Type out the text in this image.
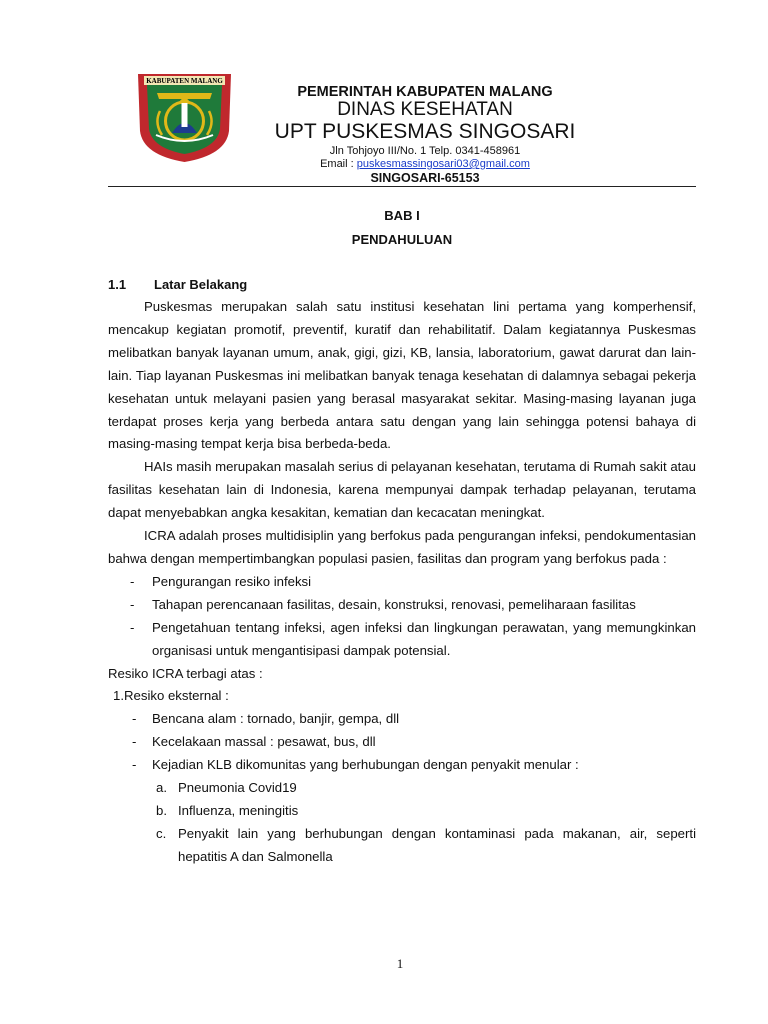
KABUPATEN MALANG
PEMERINTAH KABUPATEN MALANG
DINAS KESEHATAN
UPT PUSKESMAS SINGOSARI
Jln Tohjoyo III/No. 1 Telp. 0341-458961
Email : puskesmassingosari03@gmail.com
SINGOSARI-65153
BAB I
PENDAHULUAN
1.1 Latar Belakang

Puskesmas merupakan salah satu institusi kesehatan lini pertama yang komperhensif, mencakup kegiatan promotif, preventif, kuratif dan rehabilitatif. Dalam kegiatannya Puskesmas melibatkan banyak layanan umum, anak, gigi, gizi, KB, lansia, laboratorium, gawat darurat dan lain-lain. Tiap layanan Puskesmas ini melibatkan banyak tenaga kesehatan di dalamnya sebagai pekerja kesehatan untuk melayani pasien yang berasal masyarakat sekitar. Masing-masing layanan juga terdapat proses kerja yang berbeda antara satu dengan yang lain sehingga potensi bahaya di masing-masing tempat kerja bisa berbeda-beda.

HAIs masih merupakan masalah serius di pelayanan kesehatan, terutama di Rumah sakit atau fasilitas kesehatan lain di Indonesia, karena mempunyai dampak terhadap pelayanan, terutama dapat menyebabkan angka kesakitan, kematian dan kecacatan meningkat.

ICRA adalah proses multidisiplin yang berfokus pada pengurangan infeksi, pendokumentasian bahwa dengan mempertimbangkan populasi pasien, fasilitas dan program yang berfokus pada :

- Pengurangan resiko infeksi
- Tahapan perencanaan fasilitas, desain, konstruksi, renovasi, pemeliharaan fasilitas
- Pengetahuan tentang infeksi, agen infeksi dan lingkungan perawatan, yang memungkinkan organisasi untuk mengantisipasi dampak potensial.

Resiko ICRA terbagi atas :

1. Resiko eksternal :
- Bencana alam : tornado, banjir, gempa, dll
- Kecelakaan massal : pesawat, bus, dll
- Kejadian KLB dikomunitas yang berhubungan dengan penyakit menular :
a. Pneumonia Covid19
b. Influenza, meningitis
c. Penyakit lain yang berhubungan dengan kontaminasi pada makanan, air, seperti hepatitis A dan Salmonella
1
